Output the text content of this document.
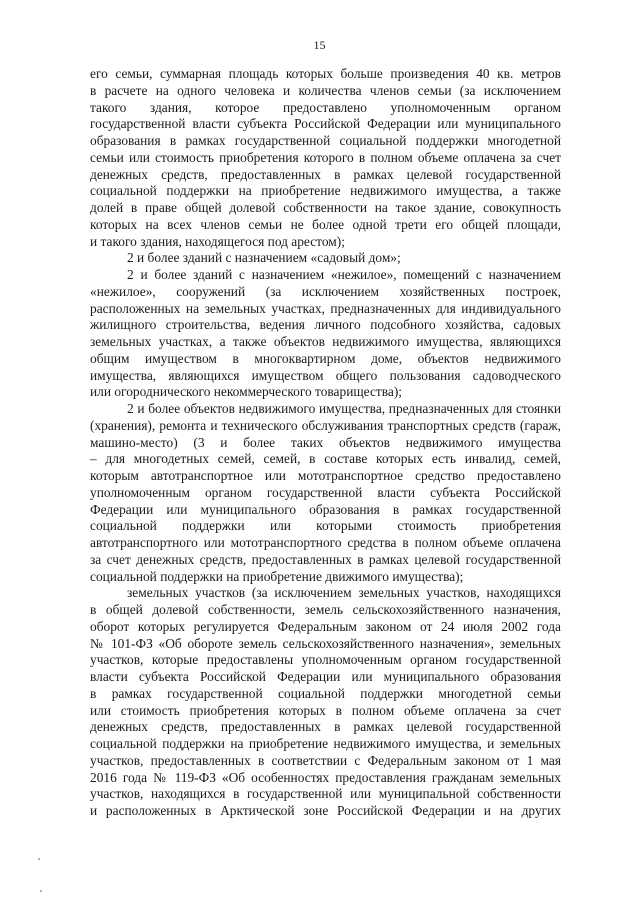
15
его семьи, суммарная площадь которых больше произведения 40 кв. метров
в расчете на одного человека и количества членов семьи (за исключением
такого здания, которое предоставлено уполномоченным органом
государственной власти субъекта Российской Федерации или муниципального
образования в рамках государственной социальной поддержки многодетной
семьи или стоимость приобретения которого в полном объеме оплачена за счет
денежных средств, предоставленных в рамках целевой государственной
социальной поддержки на приобретение недвижимого имущества, а также
долей в праве общей долевой собственности на такое здание, совокупность
которых на всех членов семьи не более одной трети его общей площади,
и такого здания, находящегося под арестом);
2 и более зданий с назначением «садовый дом»;
2 и более зданий с назначением «нежилое», помещений с назначением
«нежилое», сооружений (за исключением хозяйственных построек,
расположенных на земельных участках, предназначенных для индивидуального
жилищного строительства, ведения личного подсобного хозяйства, садовых
земельных участках, а также объектов недвижимого имущества, являющихся
общим имуществом в многоквартирном доме, объектов недвижимого
имущества, являющихся имуществом общего пользования садоводческого
или огороднического некоммерческого товарищества);
2 и более объектов недвижимого имущества, предназначенных для стоянки
(хранения), ремонта и технического обслуживания транспортных средств (гараж,
машино-место) (3 и более таких объектов недвижимого имущества
– для многодетных семей, семей, в составе которых есть инвалид, семей,
которым автотранспортное или мототранспортное средство предоставлено
уполномоченным органом государственной власти субъекта Российской
Федерации или муниципального образования в рамках государственной
социальной поддержки или которыми стоимость приобретения
автотранспортного или мототранспортного средства в полном объеме оплачена
за счет денежных средств, предоставленных в рамках целевой государственной
социальной поддержки на приобретение движимого имущества);
земельных участков (за исключением земельных участков, находящихся
в общей долевой собственности, земель сельскохозяйственного назначения,
оборот которых регулируется Федеральным законом от 24 июля 2002 года
№ 101-ФЗ «Об обороте земель сельскохозяйственного назначения», земельных
участков, которые предоставлены уполномоченным органом государственной
власти субъекта Российской Федерации или муниципального образования
в рамках государственной социальной поддержки многодетной семьи
или стоимость приобретения которых в полном объеме оплачена за счет
денежных средств, предоставленных в рамках целевой государственной
социальной поддержки на приобретение недвижимого имущества, и земельных
участков, предоставленных в соответствии с Федеральным законом от 1 мая
2016 года № 119-ФЗ «Об особенностях предоставления гражданам земельных
участков, находящихся в государственной или муниципальной собственности
и расположенных в Арктической зоне Российской Федерации и на других
